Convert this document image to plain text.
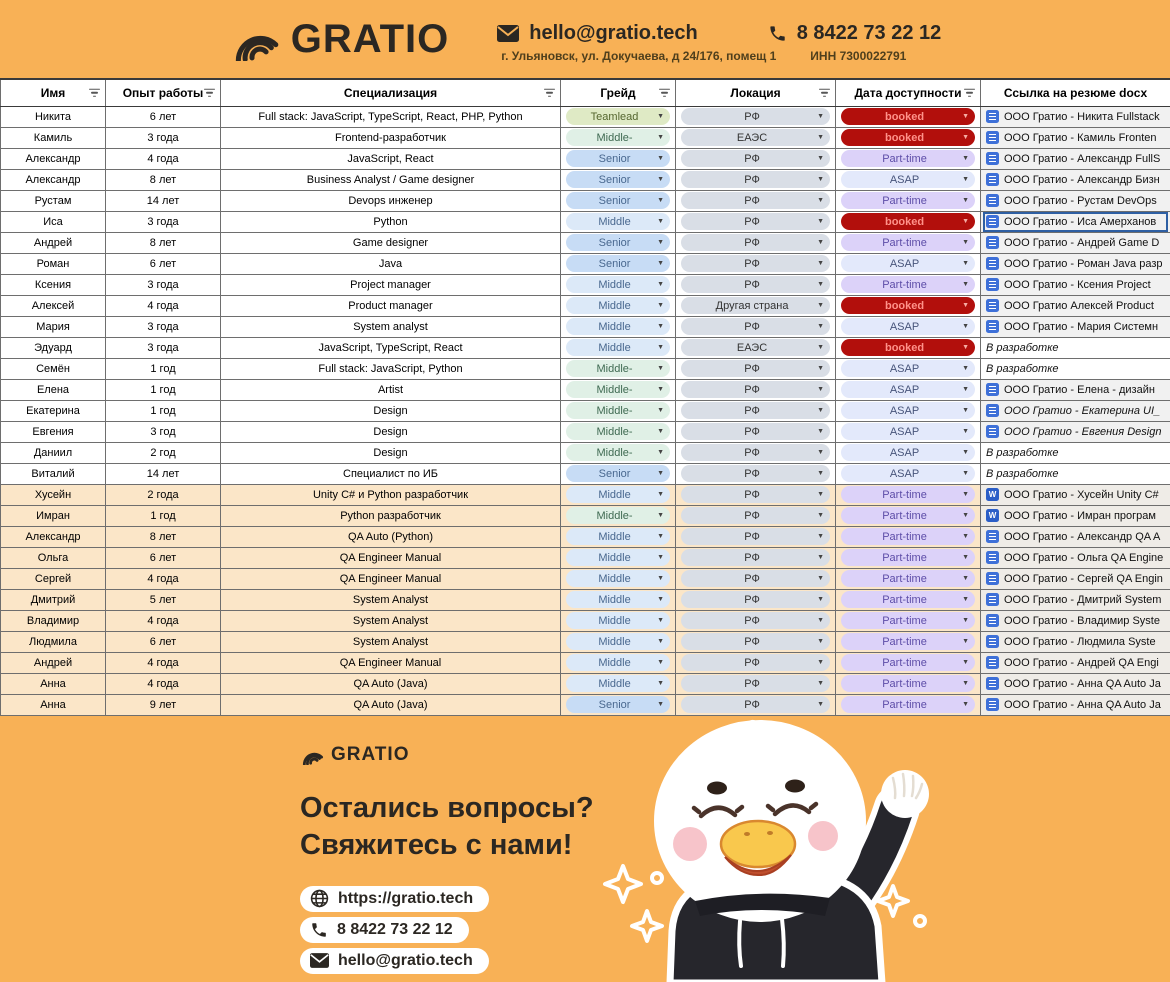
GRATIO	hello@gratio.tech	8 8422 73 22 12
г. Ульяновск, ул. Докучаева, д 24/176, помещ 1	ИНН 7300022791
Имя	Опыт работы	Специализация	Грейд	Локация	Дата доступности	Ссылка на резюме docx
Никита	6 лет	Full stack: JavaScript, TypeScript, React, PHP, Python	Teamlead ▼	РФ ▼	booked ▼	ООО Гратио - Никита Fullstack

Камиль	3 года	Frontend-разработчик	Middle- ▼	ЕАЭС ▼	booked ▼	ООО Гратио - Камиль Fronten

Александр	4 года	JavaScript, React	Senior ▼	РФ ▼	Part-time ▼	ООО Гратио - Александр FullS

Александр	8 лет	Business Analyst / Game designer	Senior ▼	РФ ▼	ASAP ▼	ООО Гратио - Александр Бизн

Рустам	14 лет	Devops инженер	Senior ▼	РФ ▼	Part-time ▼	ООО Гратио - Рустам DevOps

Иса	3 года	Python	Middle ▼	РФ ▼	booked ▼	ООО Гратио - Иса Амерханов

Андрей	8 лет	Game designer	Senior ▼	РФ ▼	Part-time ▼	ООО Гратио - Андрей Game D

Роман	6 лет	Java	Senior ▼	РФ ▼	ASAP ▼	ООО Гратио - Роман Java разр

Ксения	3 года	Project manager	Middle ▼	РФ ▼	Part-time ▼	ООО Гратио - Ксения Project

Алексей	4 года	Product manager	Middle ▼	Другая страна ▼	booked ▼	ООО Гратио Алексей Product

Мария	3 года	System analyst	Middle ▼	РФ ▼	ASAP ▼	ООО Гратио - Мария Системн

Эдуард	3 года	JavaScript, TypeScript, React	Middle ▼	ЕАЭС ▼	booked ▼	В разработке

Семён	1 год	Full stack: JavaScript, Python	Middle- ▼	РФ ▼	ASAP ▼	В разработке

Елена	1 год	Artist	Middle- ▼	РФ ▼	ASAP ▼	ООО Гратио - Елена - дизайн

Екатерина	1 год	Design	Middle- ▼	РФ ▼	ASAP ▼	ООО Гратио - Екатерина UI_

Евгения	3 год	Design	Middle- ▼	РФ ▼	ASAP ▼	ООО Гратио - Евгения Design

Даниил	2 год	Design	Middle- ▼	РФ ▼	ASAP ▼	В разработке

Виталий	14 лет	Специалист по ИБ	Senior ▼	РФ ▼	ASAP ▼	В разработке

Хусейн	2 года	Unity C# и Python разработчик	Middle ▼	РФ ▼	Part-time ▼	W ООО Гратио - Хусейн Unity C#

Имран	1 год	Python разработчик	Middle- ▼	РФ ▼	Part-time ▼	W ООО Гратио - Имран програм

Александр	8 лет	QA Auto (Python)	Middle ▼	РФ ▼	Part-time ▼	ООО Гратио - Александр QA A

Ольга	6 лет	QA Engineer Manual	Middle ▼	РФ ▼	Part-time ▼	ООО Гратио - Ольга QA Engine

Сергей	4 года	QA Engineer Manual	Middle ▼	РФ ▼	Part-time ▼	ООО Гратио - Сергей QA Engin

Дмитрий	5 лет	System Analyst	Middle ▼	РФ ▼	Part-time ▼	ООО Гратио - Дмитрий System

Владимир	4 года	System Analyst	Middle ▼	РФ ▼	Part-time ▼	ООО Гратио - Владимир Syste

Людмила	6 лет	System Analyst	Middle ▼	РФ ▼	Part-time ▼	ООО Гратио - Людмила Syste

Андрей	4 года	QA Engineer Manual	Middle ▼	РФ ▼	Part-time ▼	ООО Гратио - Андрей QA Engi

Анна	4 года	QA Auto (Java)	Middle ▼	РФ ▼	Part-time ▼	ООО Гратио - Анна QA Auto Ja

Анна	9 лет	QA Auto (Java)	Senior ▼	РФ ▼	Part-time ▼	ООО Гратио - Анна QA Auto Ja
GRATIO
Остались вопросы?
Свяжитесь с нами!
https://gratio.tech
8 8422 73 22 12
hello@gratio.tech
